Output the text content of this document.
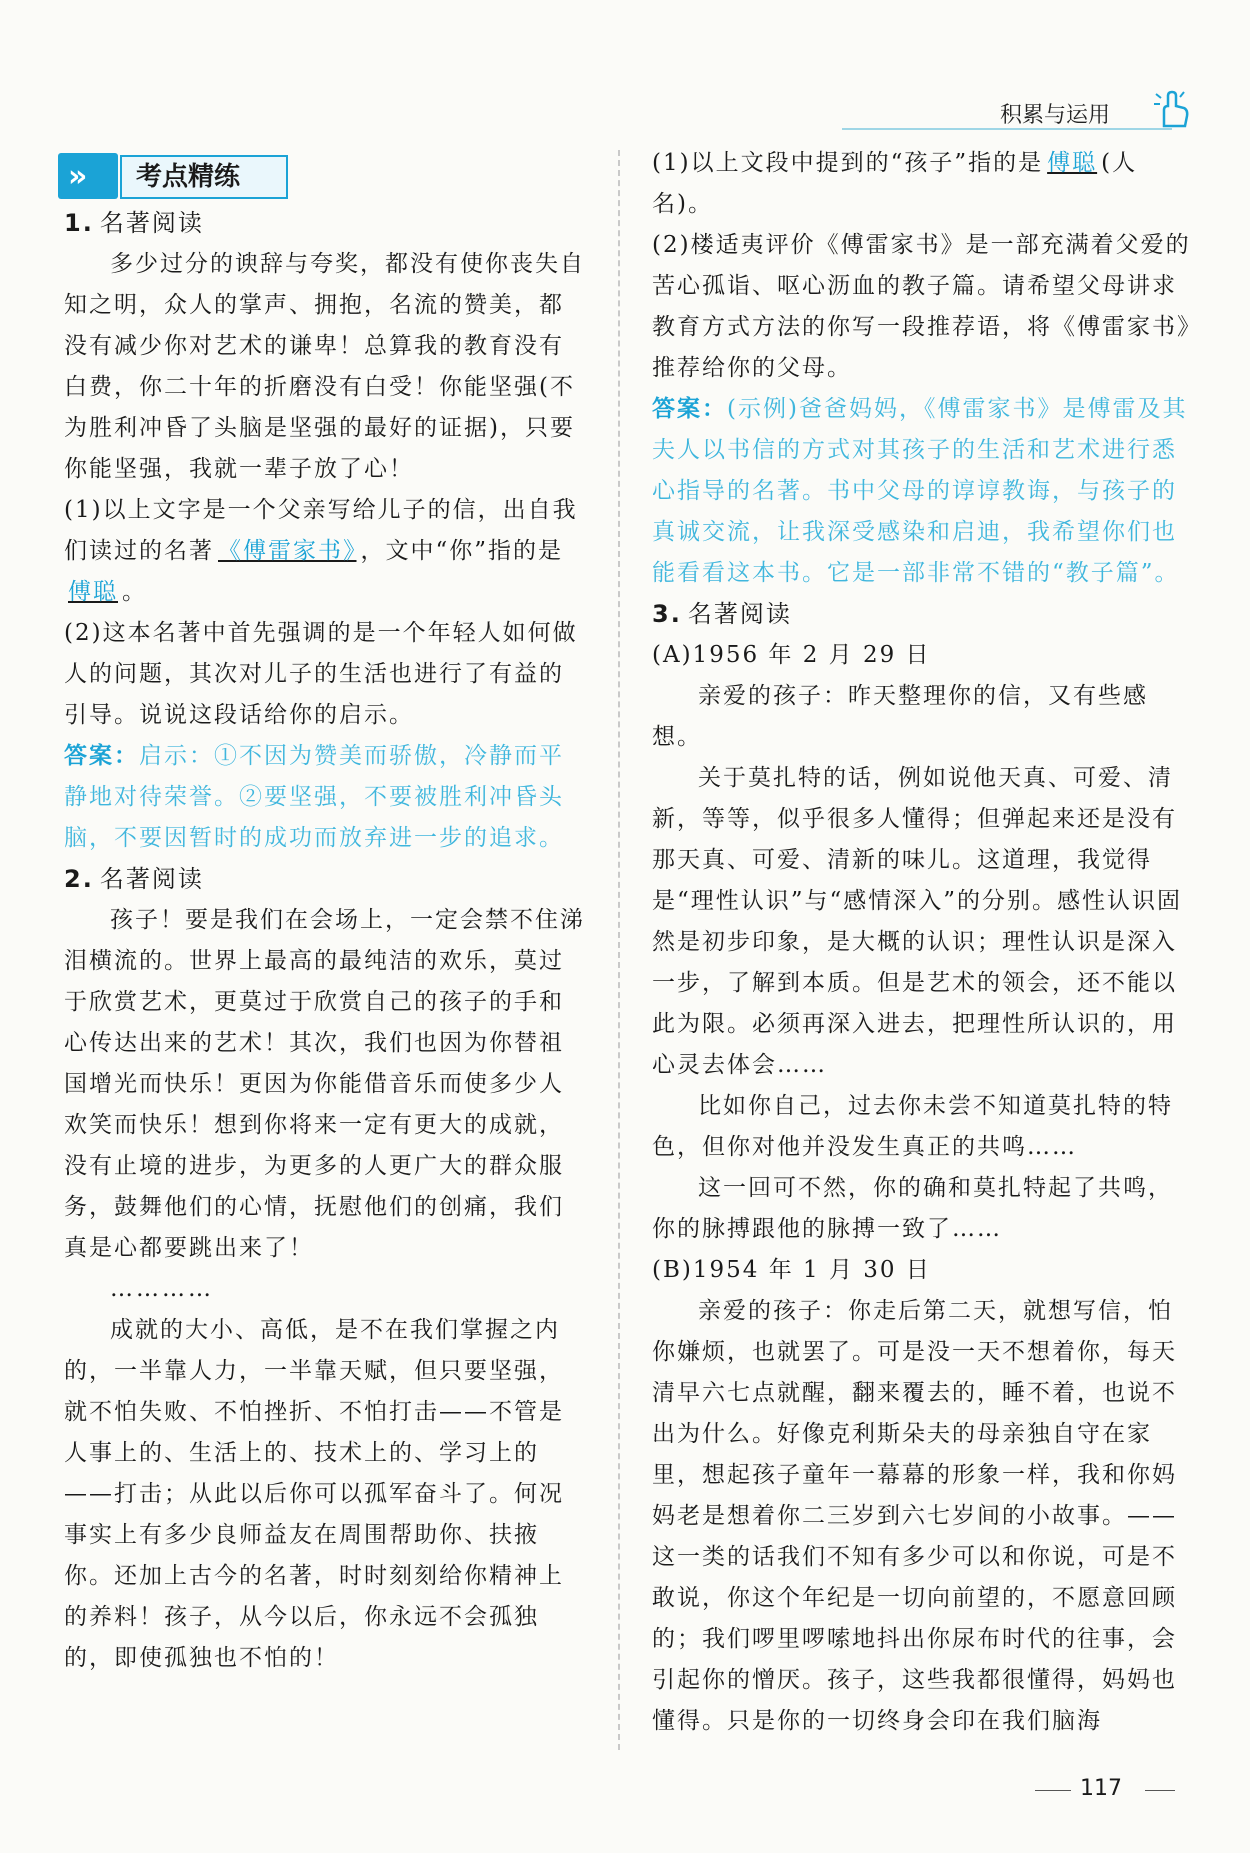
积累与运用
»	考点精练

1. 名著阅读

多少过分的谀辞与夸奖，都没有使你丧失自知之明，众人的掌声、拥抱，名流的赞美，都没有减少你对艺术的谦卑！总算我的教育没有白费，你二十年的折磨没有白受！你能坚强(不为胜利冲昏了头脑是坚强的最好的证据)，只要你能坚强，我就一辈子放了心！

(1)以上文字是一个父亲写给儿子的信，出自我们读过的名著 《傅雷家书》 ，文中“你”指的是傅聪 。

(2)这本名著中首先强调的是一个年轻人如何做人的问题，其次对儿子的生活也进行了有益的引导。说说这段话给你的启示。

答案：启示：①不因为赞美而骄傲，冷静而平静地对待荣誉。②要坚强，不要被胜利冲昏头脑，不要因暂时的成功而放弃进一步的追求。

2. 名著阅读

孩子！要是我们在会场上，一定会禁不住涕泪横流的。世界上最高的最纯洁的欢乐，莫过于欣赏艺术，更莫过于欣赏自己的孩子的手和心传达出来的艺术！其次，我们也因为你替祖国增光而快乐！更因为你能借音乐而使多少人欢笑而快乐！想到你将来一定有更大的成就，没有止境的进步，为更多的人更广大的群众服务，鼓舞他们的心情，抚慰他们的创痛，我们真是心都要跳出来了！

…………

成就的大小、高低，是不在我们掌握之内的，一半靠人力，一半靠天赋，但只要坚强，就不怕失败、不怕挫折、不怕打击——不管是人事上的、生活上的、技术上的、学习上的——打击；从此以后你可以孤军奋斗了。何况事实上有多少良师益友在周围帮助你、扶掖你。还加上古今的名著，时时刻刻给你精神上的养料！孩子，从今以后，你永远不会孤独的，即使孤独也不怕的！

(1)以上文段中提到的“孩子”指的是 傅聪 (人名)。

(2)楼适夷评价《傅雷家书》是一部充满着父爱的苦心孤诣、呕心沥血的教子篇。请希望父母讲求教育方式方法的你写一段推荐语，将《傅雷家书》推荐给你的父母。

答案：(示例)爸爸妈妈，《傅雷家书》是傅雷及其夫人以书信的方式对其孩子的生活和艺术进行悉心指导的名著。书中父母的谆谆教诲，与孩子的真诚交流，让我深受感染和启迪，我希望你们也能看看这本书。它是一部非常不错的“教子篇”。

3. 名著阅读

(A)1956 年 2 月 29 日

亲爱的孩子：昨天整理你的信，又有些感想。

关于莫扎特的话，例如说他天真、可爱、清新，等等，似乎很多人懂得；但弹起来还是没有那天真、可爱、清新的味儿。这道理，我觉得是“理性认识”与“感情深入”的分别。感性认识固然是初步印象，是大概的认识；理性认识是深入一步，了解到本质。但是艺术的领会，还不能以此为限。必须再深入进去，把理性所认识的，用心灵去体会……

比如你自己，过去你未尝不知道莫扎特的特色，但你对他并没发生真正的共鸣……

这一回可不然，你的确和莫扎特起了共鸣，你的脉搏跟他的脉搏一致了……

(B)1954 年 1 月 30 日

亲爱的孩子：你走后第二天，就想写信，怕你嫌烦，也就罢了。可是没一天不想着你，每天清早六七点就醒，翻来覆去的，睡不着，也说不出为什么。好像克利斯朵夫的母亲独自守在家里，想起孩子童年一幕幕的形象一样，我和你妈妈老是想着你二三岁到六七岁间的小故事。——这一类的话我们不知有多少可以和你说，可是不敢说，你这个年纪是一切向前望的，不愿意回顾的；我们啰里啰嗦地抖出你尿布时代的往事，会引起你的憎厌。孩子，这些我都很懂得，妈妈也懂得。只是你的一切终身会印在我们脑海

117
